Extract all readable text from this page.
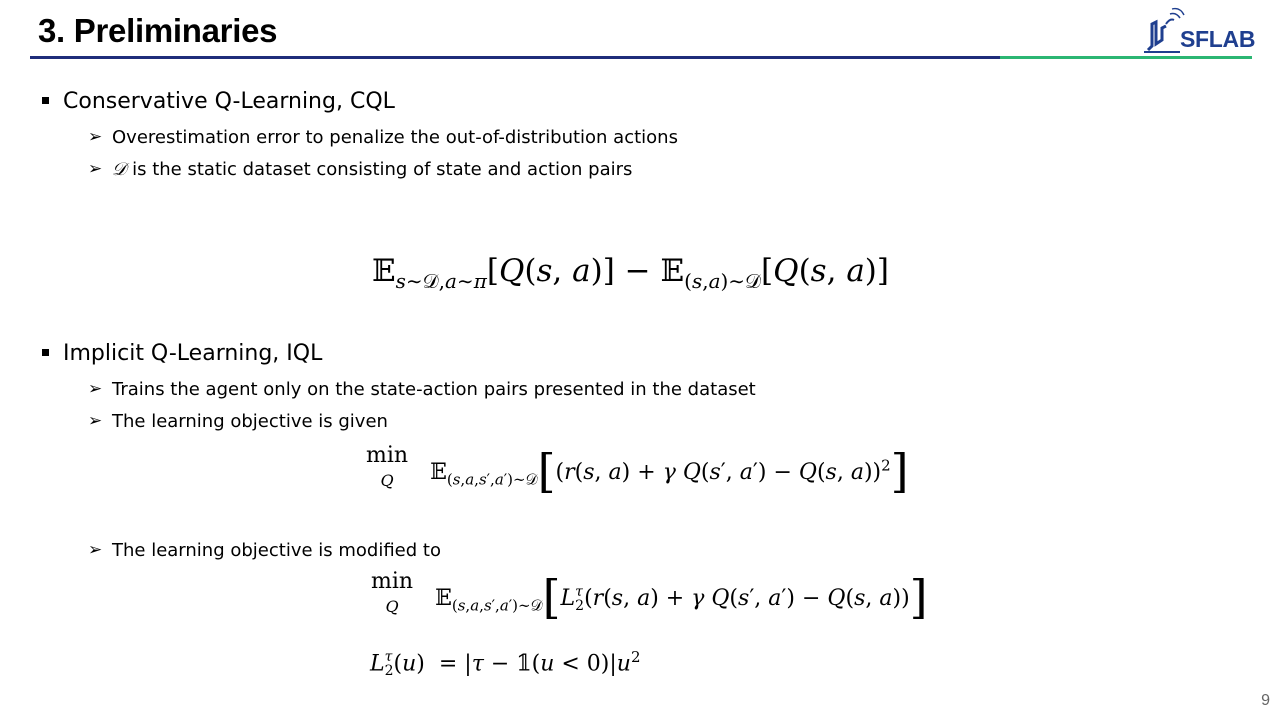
3. Preliminaries	SFLAB
Conservative Q-Learning, CQL
➢ Overestimation error to penalize the out-of-distribution actions
➢ 𝒟 is the static dataset consisting of state and action pairs
𝔼$_{s\sim 𝒟,a\sim\pi}$[Q(s, a)] − 𝔼$_{(s,a)\sim 𝒟}$[Q(s, a)]
Implicit Q-Learning, IQL
➢ Trains the agent only on the state-action pairs presented in the dataset
➢ The learning objective is given
min
Q 𝔼$_{(s,a,s',a')\sim 𝒟}$[(r(s, a) + γ Q(s′, a′) − Q(s, a))$^2$]
➢ The learning objective is modified to
min
Q 𝔼$_{(s,a,s',a')\sim 𝒟}$[Lτ
2(r(s, a) + γ Q(s′, a′) − Q(s, a))]
Lτ
2(u)  = |τ − 𝟙(u < $0)|u^2$
9
